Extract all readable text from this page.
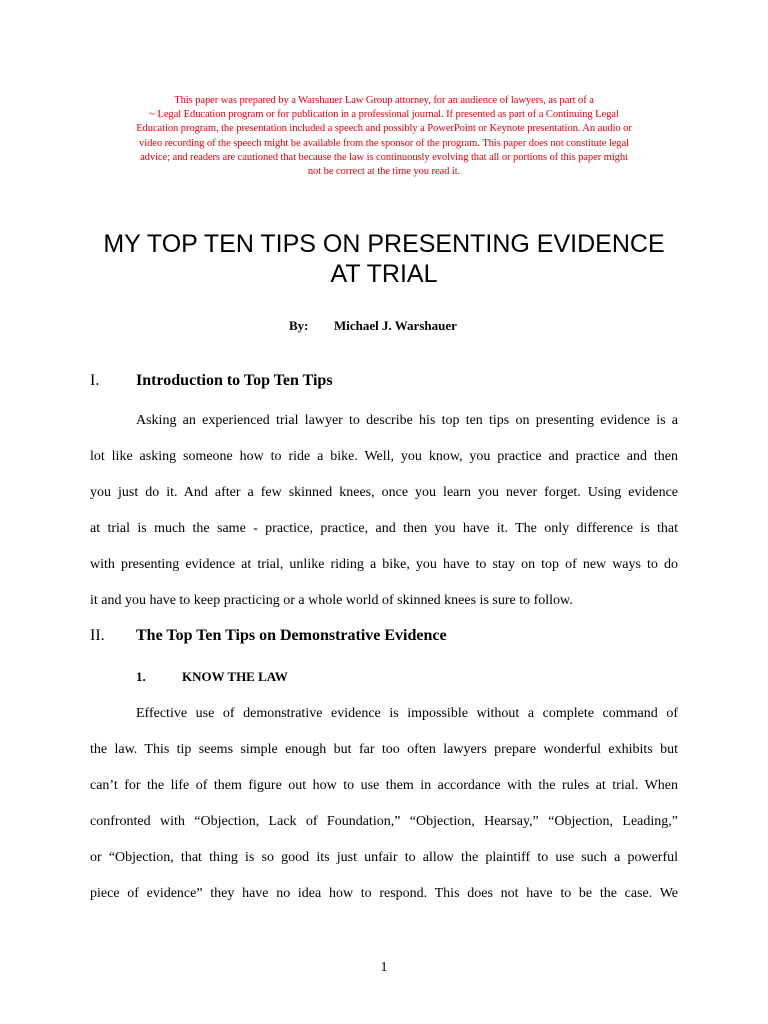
This paper was prepared by a Warshauer Law Group attorney, for an audience of lawyers, as part of a
~ Legal Education program or for publication in a professional journal. If presented as part of a Continuing Legal
Education program, the presentation included a speech and possibly a PowerPoint or Keynote presentation. An audio or
video recording of the speech might be available from the sponsor of the program. This paper does not constitute legal
advice; and readers are cautioned that because the law is continuously evolving that all or portions of this paper might
not be correct at the time you read it.
MY TOP TEN TIPS ON PRESENTING EVIDENCE
AT TRIAL
By: Michael J. Warshauer
I. Introduction to Top Ten Tips
Asking an experienced trial lawyer to describe his top ten tips on presenting evidence is a
lot like asking someone how to ride a bike. Well, you know, you practice and practice and then
you just do it. And after a few skinned knees, once you learn you never forget. Using evidence
at trial is much the same - practice, practice, and then you have it. The only difference is that
with presenting evidence at trial, unlike riding a bike, you have to stay on top of new ways to do
it and you have to keep practicing or a whole world of skinned knees is sure to follow.
II. The Top Ten Tips on Demonstrative Evidence
1.	KNOW THE LAW
Effective use of demonstrative evidence is impossible without a complete command of
the law. This tip seems simple enough but far too often lawyers prepare wonderful exhibits but
can’t for the life of them figure out how to use them in accordance with the rules at trial. When
confronted with “Objection, Lack of Foundation,” “Objection, Hearsay,” “Objection, Leading,”
or “Objection, that thing is so good its just unfair to allow the plaintiff to use such a powerful
piece of evidence” they have no idea how to respond. This does not have to be the case. We
1
